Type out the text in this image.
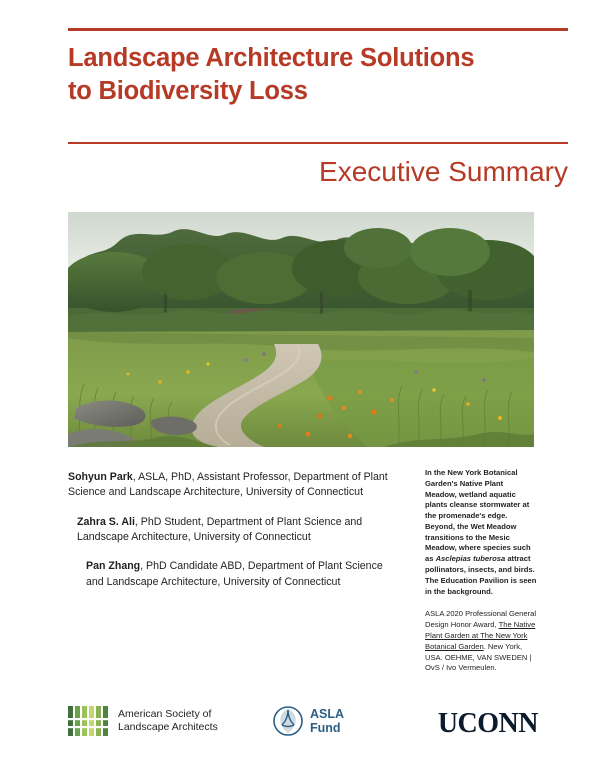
Landscape Architecture Solutions
to Biodiversity Loss
Executive Summary
Sohyun Park, ASLA, PhD, Assistant Professor, Department of Plant Science and Landscape Architecture, University of Connecticut
Zahra S. Ali, PhD Student, Department of Plant Science and Landscape Architecture, University of Connecticut
Pan Zhang, PhD Candidate ABD, Department of Plant Science and Landscape Architecture, University of Connecticut

In the New York Botanical Garden's Native Plant Meadow, wetland aquatic plants cleanse stormwater at the promenade's edge. Beyond, the Wet Meadow transitions to the Mesic Meadow, where species such as Asclepias tuberosa attract pollinators, insects, and birds. The Education Pavilion is seen in the background.

ASLA 2020 Professional General Design Honor Award, The Native Plant Garden at The New York Botanical Garden. New York, USA. OEHME, VAN SWEDEN | OvS / Ivo Vermeulen.

American Society of
Landscape Architects
ASLA
Fund	UCONN
